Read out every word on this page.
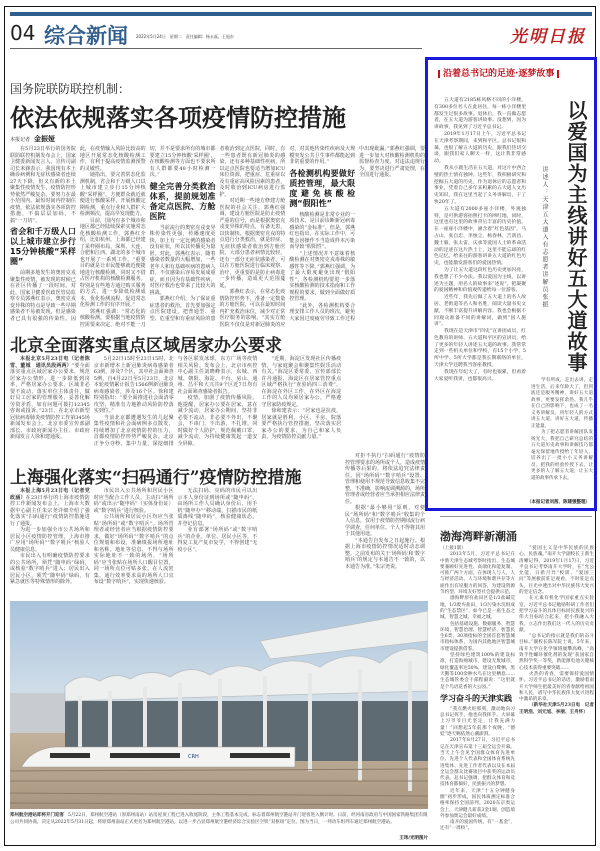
04 综合新闻 2022年5月24日　星期二　责任编辑：杨永磊、王旭东	光明日报
国务院联防联控机制：
依法依规落实各项疫情防控措施
本报记者 金振娅

在5月23日举行的国务院联防联控机制发布会上，国家卫健委新闻发言人、宣传司副司长米锋表示，我国现有本土确诊病例和无症状感染者连续27天下降，但又有新的本土聚集性疫情发生，疫情防控形势依然严峻复杂。要努力在最小范围内、最短时间内控制住疫情，依法依规落实各项防控措施，不搞层层加码，不搞“一刀切”。

省会和千万级人口以上城市建立步行15分钟核酸“采样圈”

前期多地发生的奥密克戎聚集性疫情，被发现的时候已在社区传播了一段时间。对此，国家卫健委医政医管局监察专员郭燕红表示，奥密克戎变异株的特点是导致一些早期感染者不易被发现，但是感染者已具有很强的传染性。因此，在疫情输入风险比较高的地区开展常态化核酸检测工作，有利于提高疫情监测预警的灵敏性。

她指出，要完善常态化监测机制，省会和千万级人口以上城市建立步行15分钟核酸“采样圈”，方便群众就近就便进行核酸采样，开展核酸定期检测，重点行业和人群扩大检测频次，提高早发现能力。

目前，国内有多个城市和地区都已经陆续探索实施常态化核酸检测工作。郭燕红介绍，比如杭州、上海都已经建了采样圈布局，深圳、大连、合肥和江西、湖北的多个城市也开展了一系列工作。“重要目的就是让市民能够就近便捷地进行核酸检测，同时又不借占医疗机构的核酸检测服务。特别是有些地方通过购买服务的方式，进一步降低检测成本，优化检测流程，促进常态化检测工作的有序开展。”

郭燕红强调：“常态化的核酸检测，要根据当地疫情防控需要来决定，绝对不能一刀切，并不是要求所有的城市都要建立15分钟核酸‘采样圈’，在核酸检测等方面也不要求所有人群都要48小时检测一次。”

健全完善分类救治体系，提前规划准备定点医院、方舱医院

当前流行的奥密克戎变异株传染性更强，传播速度更快，加上有一定比例的感染者没有症状，所以其传播更为隐匿。对此，郭燕红表示，随着感染者数量的大幅增加，一些老年人和有基础疾病的患病人群，不仅感染后容易发展成重症，而且因为有基础性疾病，对医疗救治也带来了比较大的挑战。

郭燕红介绍，为了保证重症患者的救治，首先要加强定点医院建设，把普通型、重型、危重型和有重症风险的患者收治到定点医院，同时，有一些患者既有新冠肺炎的感染，还有多种基础性疾病，所以定点医院也要适当增加ICU床位资源，把重症、危重症以及有重症高风险因素的患者，及时收治到ICU病房进行监护。

对近期一些地方修建方舱医院的社会关注，郭燕红强调，建设方舱医院是防止疫情严重的信号，而是根据奥密克戎变异株的特点，有备无患，以快制快。根据奥密克戎的特点进行分类救治，就是轻症、无症状感染者收治到方舱医院，大部分患者病情比较轻，还有一部分无症状感染者，可以在方舱医院进行临床观察、治疗，更重要的是防止病毒进一步传播，造成更大范围蔓延。

郭燕红表示，在常态化疫情防控形势下，准备一定数量的方舱医院，可以在最短时间内扩充救治床位，减少对正常医疗服务的影响。“其实方舱医院不仅仅是对新冠肺炎的应对，对其他传染性疾病及大规模突发公共卫生事件都能起到非常重要的作用。”

各检测机构要做好质控管理，最大限度避免核酸检测“假阳性”

核酸检测是非常专业的一项技术，是目前诊断新冠病毒感染的“金标准”。但是，郭燕红也指出，在实际工作中，可能会因操作不当造成样本污染而导致“假阳性”。

“上述情况并不意味着核酸检测在对奥密克戎毒株的敏感性等下降。”郭燕红强调，为了最大限度避免出现“假阳性”，各检测机构要进一步落实核酸检测的技术指南和工作规程的要求，做到全面做好质控管理。

“此外，各检测机构要合理安排工作人员的班次，避免大家因过度疲劳导致工作过程中出现纰漏。”郭燕红强调，要进一步加大对核酸检测机构的监督检查力度，对违法违规行为，要坚决进行严肃处理，在全国进行通报。

北京全面落实重点区域居家办公要求

本报北京5月23日电（记者陈雪、董城　通讯员段两两）“要全面落实重点区域居家办公要求，规范居家办公情形，进一步降低到岗率，严格居家办公要求，区域非必要不流动，落实单位主体责任，做好员工居家的管理服务，妥善化解劳资矛盾，如有问题可拨打12345咨询或投诉。”23日，在北京市新型冠状病毒肺炎疫情防控工作第345场新闻发布会上，北京市委宣传部副部长、市政府新闻办主任、市政府新闻发言人徐和建通报。

5月22日15时至23日15时，北京市新增本土新冠肺炎病毒感染者63例，涉及7个区，其中社会面筛查5例。自4月22日至5月23日，北京本轮疫情累计报告1566例新冠肺炎病毒感染者，涉及16个区。徐和建特别指出：“要全面推进社会面清零攻坚，精准有力地推动风险防控落实到位。”

当前北京都遭遇发生的几起聚集性疫情和社会面病例多点散发，持续增加了北京疫情防控的压力，首都疫情防控形势严峻复杂。北京正争分夺秒、集中力量，深挖细排与各区联发冰球，东方广场等疫情相关风险。发布会上，北京市疾控中心副主任刘晓峰表示，东城、西城、朝阳、海淀、丰台、房山、通州、昌平和大兴共9个区近7日均有社会面筛查感染者报告。

疫情，加剧了疫情传播风险。他提醒，居家办公要在居家，意在减少流动，居家办公期间，坚持非必要不流动，非必要不外出，不聚会，不串门，不出游，不扎堆。同时做好个人防护，规范佩戴口罩，减少流动，为持续健康筑起一道安全屏障。

“近期，海淀区发现社区传播疫情，与家庭聚会和聚集性娱乐活动有关。”海淀区委常委、宣传部部长许丹通报，海淀区在居家管控重点区域严格执行“查验码四三消费”，在海淀在外区工作，在外区在海淀工作的人员均须居家办公，严格遵守居家防疫规定。

徐和建表示：“居家也是抗疫，居家就是胜利。小区、平房、院落要严格执行管控措施，坚决落实居家办公的要求，为自己和家人负责，为疫情防控贡献力量。”

上海强化落实“扫码通行”疫情防控措施

本报上海5月23日电（记者党政涵）在23日举行的上海市疫情防控工作新闻发布会上，上海市大数据中心副主任朱宗尧详细介绍了强化落实“扫码通行”疫情防控措施进行了通报。

为进一步加强全市公共场所和居民小区疫情防控管理，上海市推广应用“场所码”“数字哨兵”核验人员健康信息。

市民出入有明确疫情防控要求的公共场所，须凭“随申码”绿码，或核验“数字哨兵”进入；居民出入居民小区，须凭“随申码”绿码，有紧急就医等特殊情形的除外。

市民出入公共场所和居民小区时应当配合工作人员，主动扫“场所码”或出示“随申码”（实体身份证）或“数字哨兵”进行核验。

公共场所和居民小区均应当张贴“场所码”或“数字哨兵”。场所管理者或经营者应当根据疫情防控要求，做好“场所码”“数字哨兵”的点位规划和布设，准确填报场所地址和名称。地址等信息、不得与场所实际地址不一致的场所，“场所码”应当张贴在场所人口醒目位置，同一场所点位可贴多张。在人流密集、通行效率要求高的场所人口宜布设“数字哨兵”，实现快速核验。

无法扫码、亮码的市民可以出示本人身份证到场所或“随申码”，由场所工作人员确认身份后，用手机“随申办”“移动端，扫描市民的纸质离线“随申码”，核验健康状态，并登记信息。

业有部署“场所码”或“数字哨兵”的企业、单位、居民小区等，不得复工复产复市复学，不得创建“无疫小区”。

对拒不执行“扫码通行”疫情防控管理要求的场所或个人，造成疫情传播等后果的，将依法追究法律责任。因“场所码”“数字哨兵”设置、管理和使用不规范导致信息收集不完整，不准确，影响流调溯源的，场所管理者或经营者应当承担相应法律责任。

根据“最小够用”原则，对便民“场所码”和“数字哨兵”收集的个人信息，仅用于疫情防控期间流行病学调查，任何单位、个人不得将其用于其他用途。

“本通告自发布之日起施行。根据上海市疫情防控情况适时动态调整。之前发布的关于‘场所码’和‘数字哨兵’的规定与本通告不一致的，以本通告为准。”朱宗尧说。

CRH
郑州航空港站即将开门迎客 5月22日，郑州航空港站（原郑州南站）站房屋顶工程已进入收尾阶段，主体工程基本完成，标志着郑州航空港站开门迎客进入倒计时。日前，经河南省政府与中国国家铁路集团有限公司共同协商，决定从2022年5月31日起，将原郑州南站正式更名为郑州航空港站，以进一步凸显郑州航空港经济综合实验区空铁“双枢纽”定位。图为当日，一列动车组列车通过郑州航空港站。
王玮/光明图片
沿着总书记的足迹·逐梦故事
以爱国为主线讲好五大道故事
讲述人：天津五大道入有志愿者讲解员张振

五大道有2185栋风格不同的小洋楼，有300多位名人在此居住，每一栋小洋楼里都发生过很多故事。退休后，我一直做志愿者，在五大道为游客讲故事。没想到，因为讲故事，我见到了习近平总书记。

2019年1月17日上午，习近平总书记在天津考察期间，来到和平区。总书记很和蔼，也很了解五大道的历史，跟我们热切交谈，跟我们家人聊天一样，这让我非常感动。

我从小就生活在五大道，对这片中西合璧的热土情有独钟。这些年，我积极研究和挖掘五大道的历史，作为退休后的志愿者和事业，凭着自己多年来积累的五大道人文历史知识，我在这里当起了义务讲解员，干了快20年了。

五大道有2000多座小洋楼，外观独特，是可供游客拍照打卡的网红地，同时，这里也有这里的故事背后丰富的历史价值。在一座座小洋楼中，涵含着“红色基因”，马占山、张自忠、李烛尘、杨春林、吉鸿昌、魏士毅、张太雷、庆承等爱国人士的革命活动的足迹在这片热土上，这里不能忘却的红色记忆。给来往的游客讲讲五大道的红色历史，也能激发游客们的爱国热情。

为了让五大道这段红色历史更加闪亮，我也想了不少办法。我以爱国为主线，以讲述为主题，用名人的故事来“述说”，把凝聚的爱国精神和价值观传递给每一位游客。

近些年，我先后做了五大道上的名人故居、老街道等名人和名胜，阅读大量书史文献，不断丰富提升讲解内容。我也会根据不同观众准备不同的讲解词，做到“因人施讲”。

我现在是天津市“四史”宣讲团成员，红色教育的讲师、五大道和平区的宣讲员，给了更多的年轻人讲述五大道的故事。我常常走到一些机关单位和学校，有15个小学、5所中学、5所大学都是我长期联络的单位，天津大学还聘我当客座教授。

我现在年纪大了，有时也很累，但看着大家爱听我讲，也都很高兴。	学有所成，走出去讲，走进生活，后来年龄大了，但到底还是服务精神，讲好五大道故事，更要发挥余热。我几乎在自己的影响下，也成了一名义务讲解员，用年轻人的方式讲五大道，讲好五大道，传播正能量。

为了把志愿者讲解团队发扬光大，我把自己研究总结的五大道历史故事和讲解技巧都毫无保留地传授给了年轻人，培养出了一批小小义务讲解员。把我的经验传授下去，让更多的人了解五大道，让五大道的故事传承下去。

（本报记者刘茜、陈建强整理）
渤海湾畔新潮涌

（上接1版）

2013年5月，习近平总书记在中新天津生态城考察时指出，生态城要兼顾好先进性、高端化和能复制、可推广两个方面，在体现人与人、人与经济活动、人与环境和谐共存等方面作出有说服力的回答，为建设资源节约型、环境友好型社会提供示范。

渤海畔原有盐田区是1/3盐碱荒地，1/3废弃盐田，1/3污染水坑组成的“生态禁区”，如今已是一座生态之城、智慧之城、幸福之城。

包括基础设施、数据服务、智慧环境、智慧治理、智慧经济、智慧民生6类、30项指标的全国首套智慧城市指标体系，为国内其他地区智慧城市建设提供借鉴。

坚持绿色建筑100%的建设标准，打造海绵城市，建设无废城市，绿化覆盖率达50%，建设白鹭栖、黑天鹅等100余种水鸟在这里栖息……生态城管委会干部程毅说：“这里就是个鸟语花香的大公园。”

学习奋斗的天津实践

“我点燃火炬那刻，激动地向习总书记挥手，他也向我挥手。大屏幕上习爷爷目光坚定，让我充满力量！”回想起5年前那个夜晚，“德娃”逐天赐依然心潮澎湃。

2017年8月27日，习近平总书记在天津宣布第十三届全运会开幕。当天上午会见全国群众体育先进单位、先进个人代表和全国体育系统先进集体、先进工作者代表以及在本届全运会群众比赛项目中获奖的运动员代表。总书记强调，把群众体育和竞技体育都搞好，民族振兴的梦想。

近年来，天津“十五分钟健身圈”初步形成，国民体质测定标准合格率保持全国前列。2020东京奥运会上，天津健儿斩获3金1铜，创造境外参加奥运会最好成绩。

南开的爱国传统，有“一基金”，还有“一周校”。

“爱国主义是中华民族的民族心、民族魂。”南开大学副校长王新生清晰记得，2019年1月17日，习近平总书记考察南开大学时，在“允公允能，日新月异”校训、“爱国三问”等展板前驻足观看，不时驻足点头，目光中透出对中华民族伟大复兴的坚定信念。

在元素有机化学国家重点实验室，习近平总书记勉励科研工作者们把学习奋斗的具体目标同民族复兴的伟大目标结合起来，把小我融入大我，立志作出我们这一代人的历史贡献。

“总书记的指示就是我们的奋斗目标。”副校长陈军院士说，5年来，南开大学在化学领域屡攀高峰，“高效手性螺环催化剂的发现”获国家自然科学奖一等奖，新能源电池关键核心技术获得重要突破……

火热的青春，需要保持爱国情怀。习近平总书记的话语，激励着南开大学师生把最美好的青春献给祖国和人民，谱写中华民族伟大复兴进程中激昂的乐章。

（新华社天津5月23日电　记者王明浩、刘元旭、李丽、王舟怀）
